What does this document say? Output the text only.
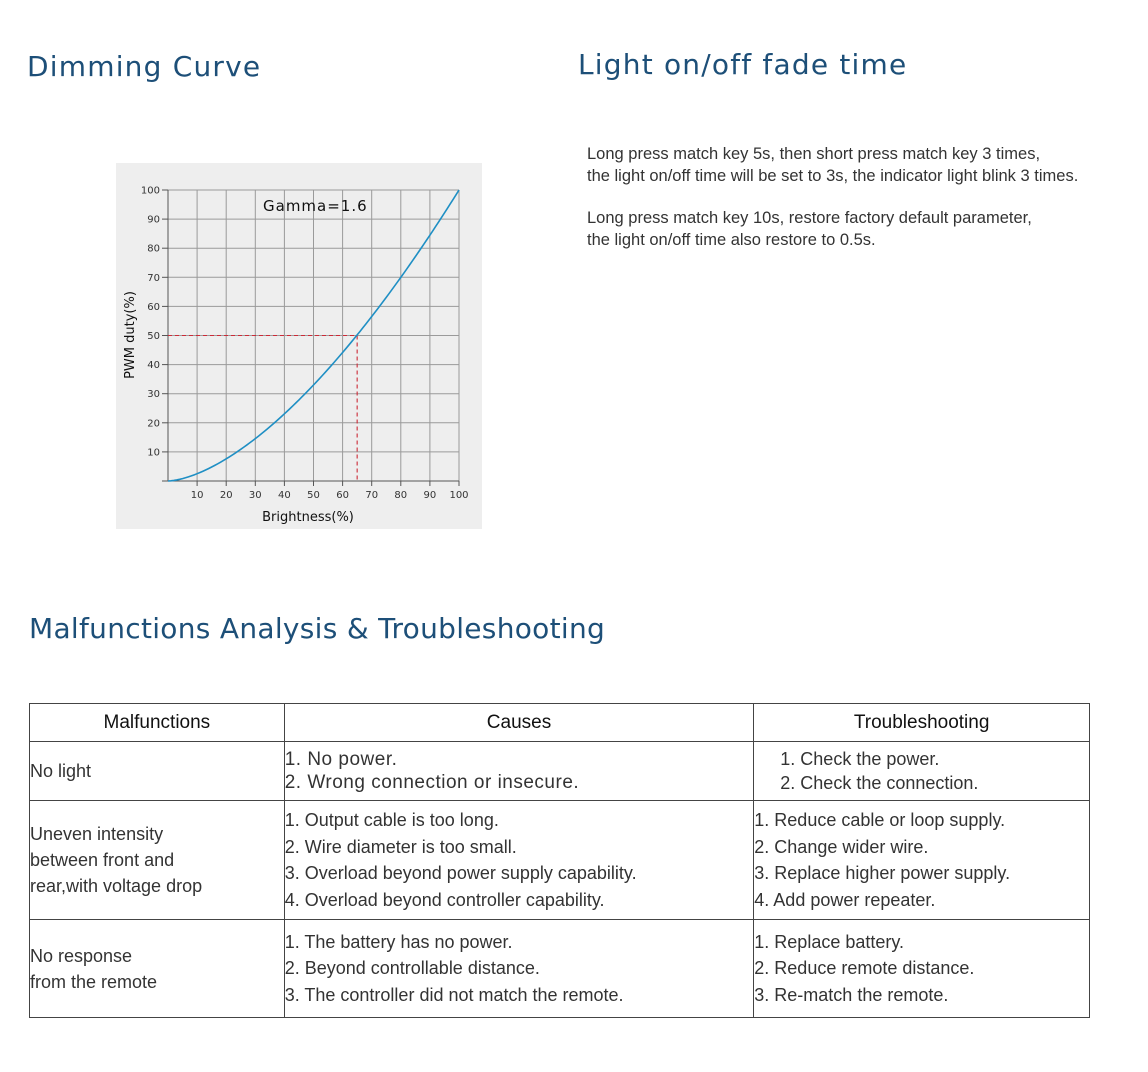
Dimming Curve	Light on/off fade time

Long press match key 5s, then short press match key 3 times,
the light on/off time will be set to 3s, the indicator light blink 3 times.

Long press match key 10s, restore factory default parameter,
the light on/off time also restore to 0.5s.

10
20
30
40
50
60
70
80
90
100
10 20 30 40 50 60 70 80 90 100
Gamma=1.6
Brightness(%)
PWM duty(%)
Malfunctions Analysis & Troubleshooting
Malfunctions	Causes	Troubleshooting

No light	1. No power.
2. Wrong connection or insecure.	1. Check the power.
2. Check the connection.

Uneven intensity
between front and
rear,with voltage drop	1. Output cable is too long.
2. Wire diameter is too small.
3. Overload beyond power supply capability.
4. Overload beyond controller capability.	1. Reduce cable or loop supply.
2. Change wider wire.
3. Replace higher power supply.
4. Add power repeater.

No response
from the remote	1. The battery has no power.
2. Beyond controllable distance.
3. The controller did not match the remote.	1. Replace battery.
2. Reduce remote distance.
3. Re-match the remote.
